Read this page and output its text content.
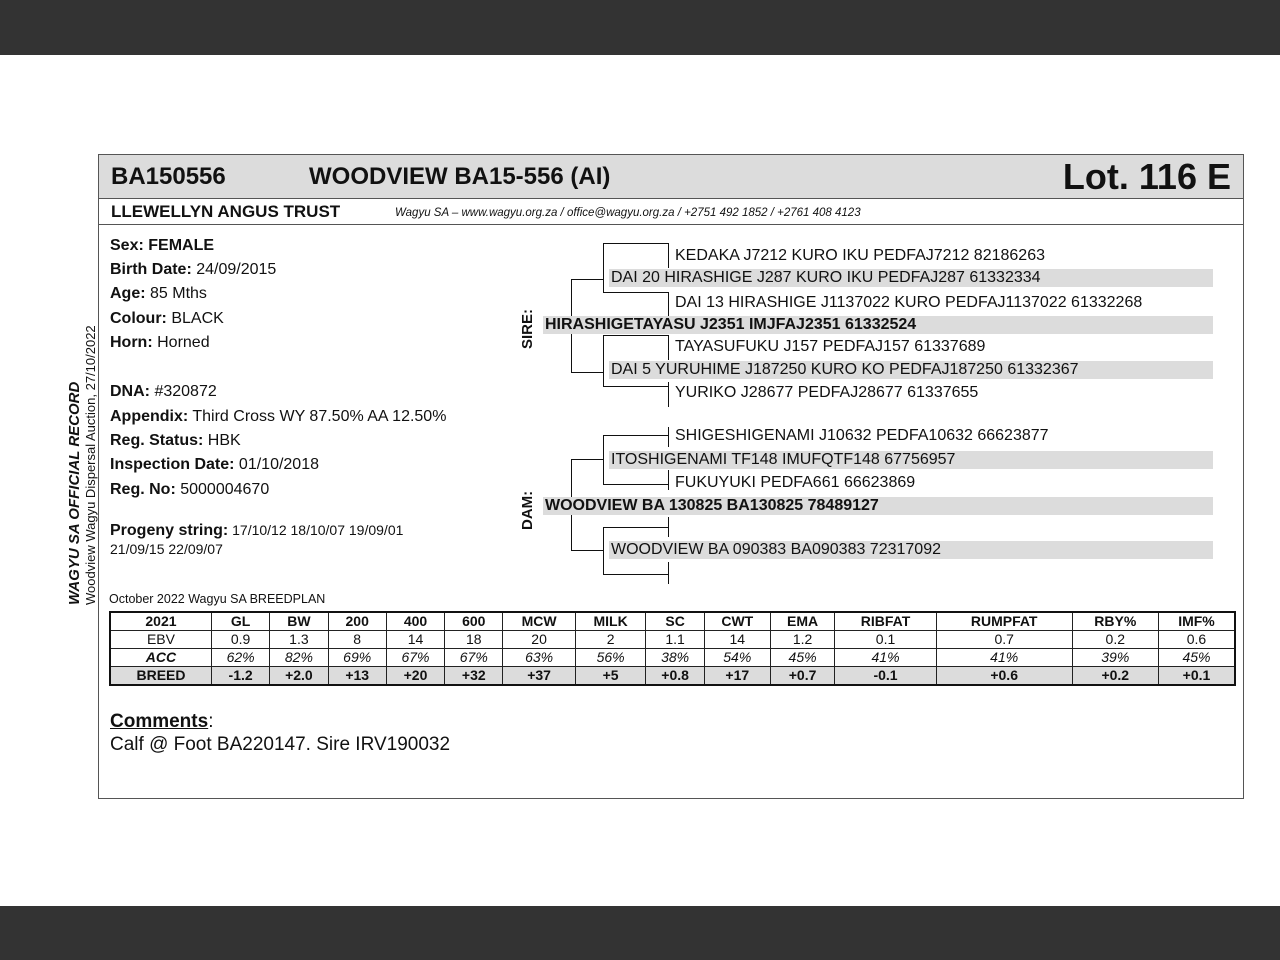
WAGYU SA OFFICIAL RECORD Woodview Wagyu Dispersal Auction, 27/10/2022
BA150556	WOODVIEW BA15-556 (AI)	Lot. 116 E
LLEWELLYN ANGUS TRUST	Wagyu SA – www.wagyu.org.za / office@wagyu.org.za / +2751 492 1852 / +2761 408 4123
Sex: FEMALE
Birth Date: 24/09/2015
Age: 85 Mths
Colour: BLACK
Horn: Horned
DNA: #320872
Appendix: Third Cross WY 87.50% AA 12.50%
Reg. Status: HBK
Inspection Date: 01/10/2018
Reg. No: 5000004670
Progeny string: 17/10/12 18/10/07 19/09/01
21/09/15 22/09/07
SIRE:
DAM:
KEDAKA J7212 KURO IKU PEDFAJ7212 82186263
DAI 20 HIRASHIGE J287 KURO IKU PEDFAJ287 61332334
DAI 13 HIRASHIGE J1137022 KURO PEDFAJ1137022 61332268
HIRASHIGETAYASU J2351 IMJFAJ2351 61332524
TAYASUFUKU J157 PEDFAJ157 61337689
DAI 5 YURUHIME J187250 KURO KO PEDFAJ187250 61332367
YURIKO J28677 PEDFAJ28677 61337655
SHIGESHIGENAMI J10632 PEDFA10632 66623877
ITOSHIGENAMI TF148 IMUFQTF148 67756957
FUKUYUKI PEDFA661 66623869
WOODVIEW BA 130825 BA130825 78489127
WOODVIEW BA 090383 BA090383 72317092
October 2022 Wagyu SA BREEDPLAN
2021	GL	BW	200	400	600	MCW	MILK	SC	CWT	EMA	RIBFAT	RUMPFAT	RBY%	IMF%
EBV	0.9	1.3	8	14	18	20	2	1.1	14	1.2	0.1	0.7	0.2	0.6
ACC	62%	82%	69%	67%	67%	63%	56%	38%	54%	45%	41%	41%	39%	45%
BREED	-1.2	+2.0	+13	+20	+32	+37	+5	+0.8	+17	+0.7	-0.1	+0.6	+0.2	+0.1
Comments:
Calf @ Foot BA220147. Sire IRV190032
